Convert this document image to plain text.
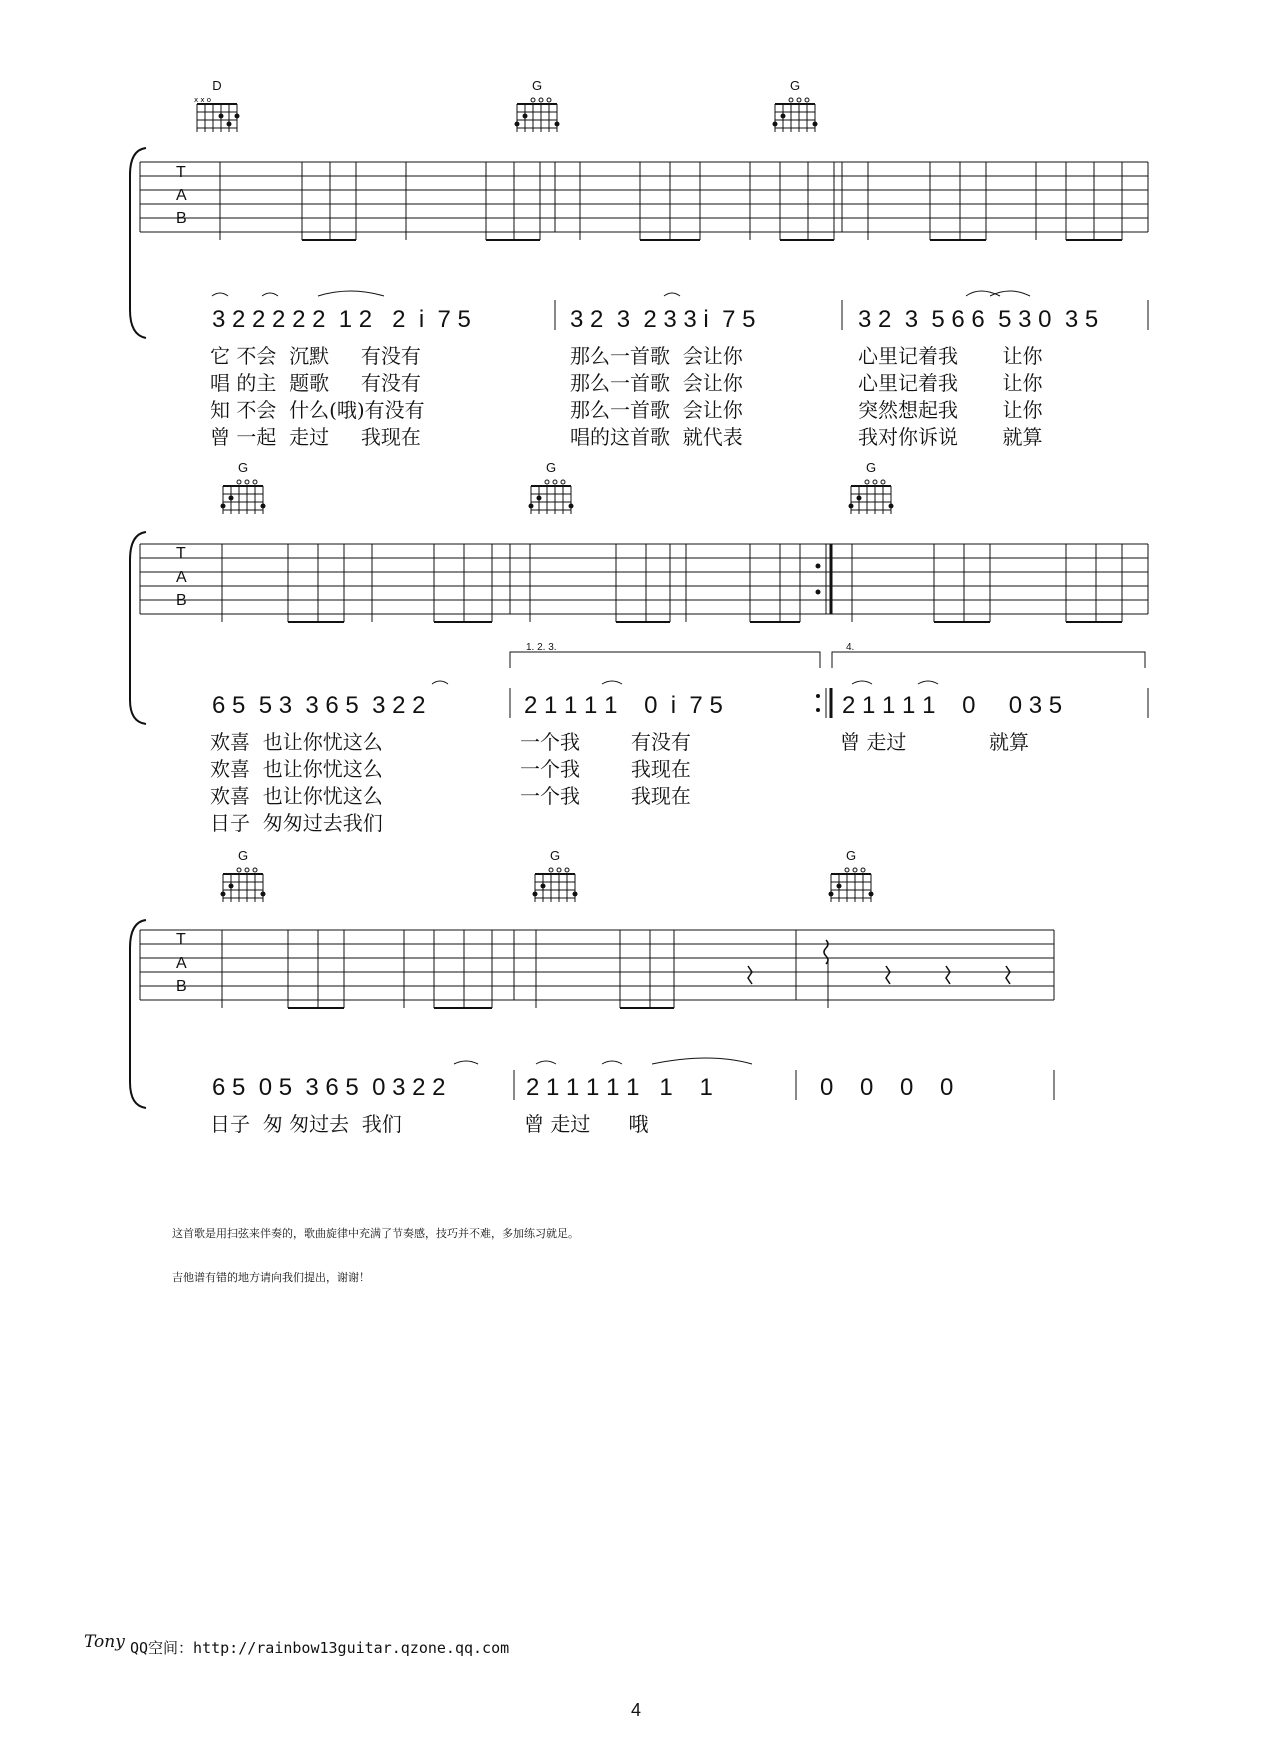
D
x x o
G	G
T
A
B
3 2 2 2 2 2  1 2   2  i  7 5	3 2  3  2 3 3 i  7 5	3 2  3  5 6 6  5 3 0  3 5
它 不会  沉默     有没有	那么一首歌  会让你	心里记着我       让你
唱 的主  题歌     有没有	那么一首歌  会让你	心里记着我       让你
知 不会  什么(哦)有没有	那么一首歌  会让你	突然想起我       让你
曾 一起  走过     我现在	唱的这首歌  就代表	我对你诉说       就算
G	G	G
T
A
B
1. 2. 3.	4.
6 5  5 3  3 6 5  3 2 2	2 1 1 1 1    0  i  7 5	2 1 1 1 1    0     0 3 5
欢喜  也让你忧这么	一个我        有没有	曾 走过             就算
欢喜  也让你忧这么	一个我        我现在
欢喜  也让你忧这么	一个我        我现在
日子  匆匆过去我们
G	G	G
T
A
B
6 5  0 5  3 6 5  0 3 2 2	2 1 1 1 1 1   1    1	0    0    0    0
日子  匆 匆过去  我们	曾 走过      哦
这首歌是用扫弦来伴奏的，歌曲旋律中充满了节奏感，技巧并不难，多加练习就足。
吉他谱有错的地方请向我们提出，谢谢！
Tony QQ空间：http://rainbow13guitar.qzone.qq.com
4
